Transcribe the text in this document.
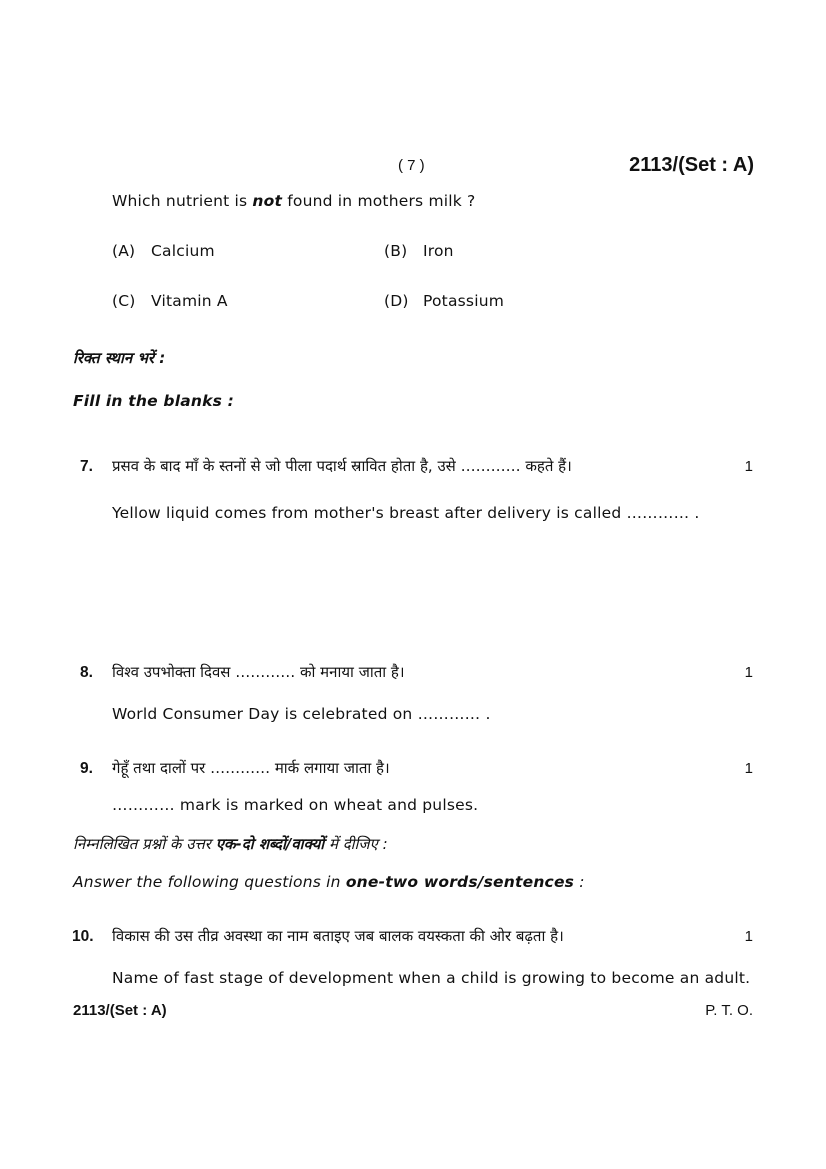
( 7 )	2113/(Set : A)
Which nutrient is not found in mothers milk ?
(A) Calcium	(B) Iron
(C) Vitamin A	(D) Potassium
रिक्त स्थान भरें :
Fill in the blanks :
7. प्रसव के बाद माँ के स्तनों से जो पीला पदार्थ स्रावित होता है, उसे ………… कहते हैं।	1
Yellow liquid comes from mother's breast after delivery is called ………… .
8. विश्व उपभोक्ता दिवस ………… को मनाया जाता है।	1
World Consumer Day is celebrated on ………… .
9. गेहूँ तथा दालों पर ………… मार्क लगाया जाता है।	1
………… mark is marked on wheat and pulses.
निम्नलिखित प्रश्नों के उत्तर एक-दो शब्दों/वाक्यों में दीजिए :
Answer the following questions in one-two words/sentences :
10. विकास की उस तीव्र अवस्था का नाम बताइए जब बालक वयस्कता की ओर बढ़ता है।	1
Name of fast stage of development when a child is growing to become an adult.
2113/(Set : A)	P. T. O.
